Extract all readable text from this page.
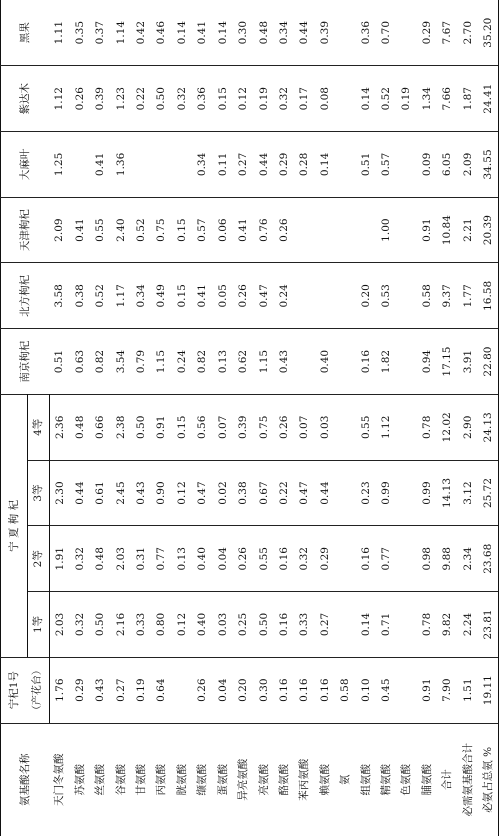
氨基酸名称	宁杞1号	宁 夏 枸 杞				南京枸杞	北方枸杞	天津枸杞	大麻叶	紫达木	黑果
	（产花台）	1等	2等	3等	4等						
天门冬氨酸	1.76	2.03	1.91	2.30	2.36	0.51	3.58	2.09	1.25	1.12	1.11
苏氨酸	0.29	0.32	0.32	0.44	0.48	0.63	0.38	0.41		0.26	0.35
丝氨酸	0.43	0.50	0.48	0.61	0.66	0.82	0.52	0.55	0.41	0.39	0.37
谷氨酸	0.27	2.16	2.03	2.45	2.38	3.54	1.17	2.40	1.36	1.23	1.14
甘氨酸	0.19	0.33	0.31	0.43	0.50	0.79	0.34	0.52		0.22	0.42
丙氨酸	0.64	0.80	0.77	0.90	0.91	1.15	0.49	0.75		0.50	0.46
胱氨酸		0.12	0.13	0.12	0.15	0.24	0.15	0.15		0.32	0.14
缬氨酸	0.26	0.40	0.40	0.47	0.56	0.82	0.41	0.57	0.34	0.36	0.41
蛋氨酸	0.04	0.03	0.04	0.02	0.07	0.13	0.05	0.06	0.11	0.15	0.14
异亮氨酸	0.20	0.25	0.26	0.38	0.39	0.62	0.26	0.41	0.27	0.12	0.30
亮氨酸	0.30	0.50	0.55	0.67	0.75	1.15	0.47	0.76	0.44	0.19	0.48
酪氨酸	0.16	0.16	0.16	0.22	0.26	0.43	0.24	0.26	0.29	0.32	0.34
苯丙氨酸	0.16	0.33	0.32	0.47	0.07				0.28	0.17	0.44
赖氨酸	0.16	0.27	0.29	0.44	0.03	0.40			0.14	0.08	0.39
氨	0.58										
组氨酸	0.10	0.14	0.16	0.23	0.55	0.16	0.20		0.51	0.14	0.36
精氨酸	0.45	0.71	0.77	0.99	1.12	1.82	0.53	1.00	0.57	0.52	0.70
色氨酸										0.19	
脯氨酸	0.91	0.78	0.98	0.99	0.78	0.94	0.58	0.91	0.09	1.34	0.29
合计	7.90	9.82	9.88	14.13	12.02	17.15	9.37	10.84	6.05	7.66	7.67
必需氨基酸合计	1.51	2.24	2.34	3.12	2.90	3.91	1.77	2.21	2.09	1.87	2.70
必氨占总氨 %	19.11	23.81	23.68	25.72	24.13	22.80	16.58	20.39	34.55	24.41	35.20
